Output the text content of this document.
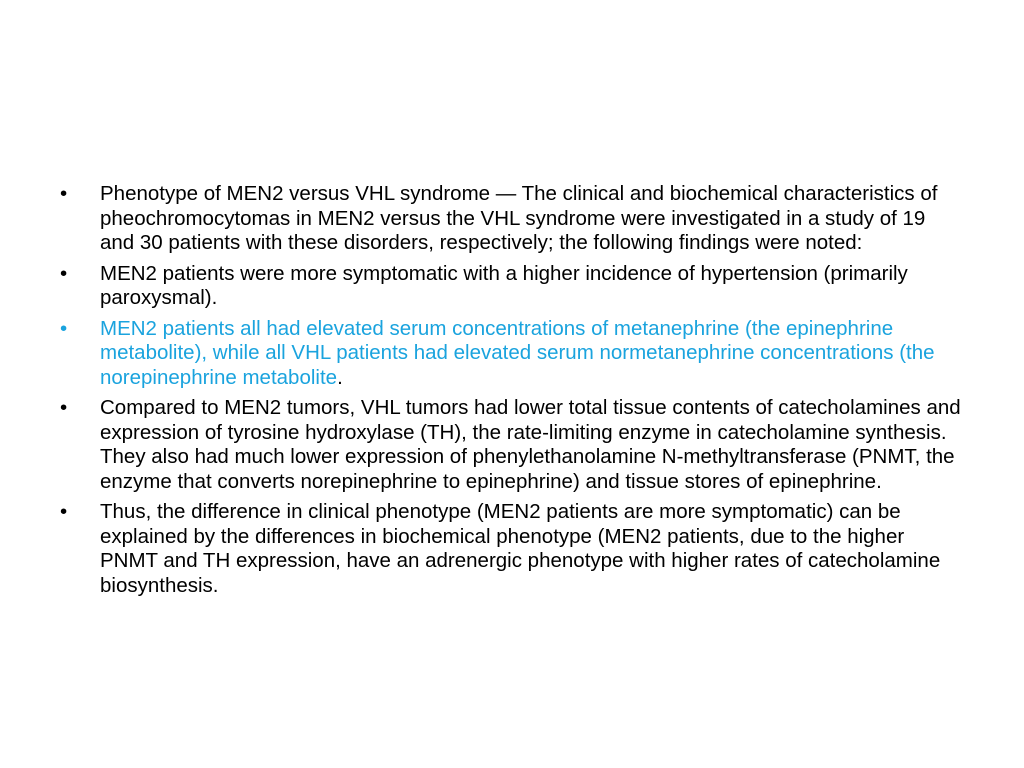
•	Phenotype of MEN2 versus VHL syndrome — The clinical and biochemical characteristics of pheochromocytomas in MEN2 versus the VHL syndrome were investigated in a study of 19 and 30 patients with these disorders, respectively; the following findings were noted:
•	MEN2 patients were more symptomatic with a higher incidence of hypertension (primarily paroxysmal).
•	MEN2 patients all had elevated serum concentrations of metanephrine (the epinephrine metabolite), while all VHL patients had elevated serum normetanephrine concentrations (the norepinephrine metabolite.
•	Compared to MEN2 tumors, VHL tumors had lower total tissue contents of catecholamines and expression of tyrosine hydroxylase (TH), the rate-limiting enzyme in catecholamine synthesis. They also had much lower expression of phenylethanolamine N-methyltransferase (PNMT, the enzyme that converts norepinephrine to epinephrine) and tissue stores of epinephrine.
•	Thus, the difference in clinical phenotype (MEN2 patients are more symptomatic) can be explained by the differences in biochemical phenotype (MEN2 patients, due to the higher PNMT and TH expression, have an adrenergic phenotype with higher rates of catecholamine biosynthesis.
